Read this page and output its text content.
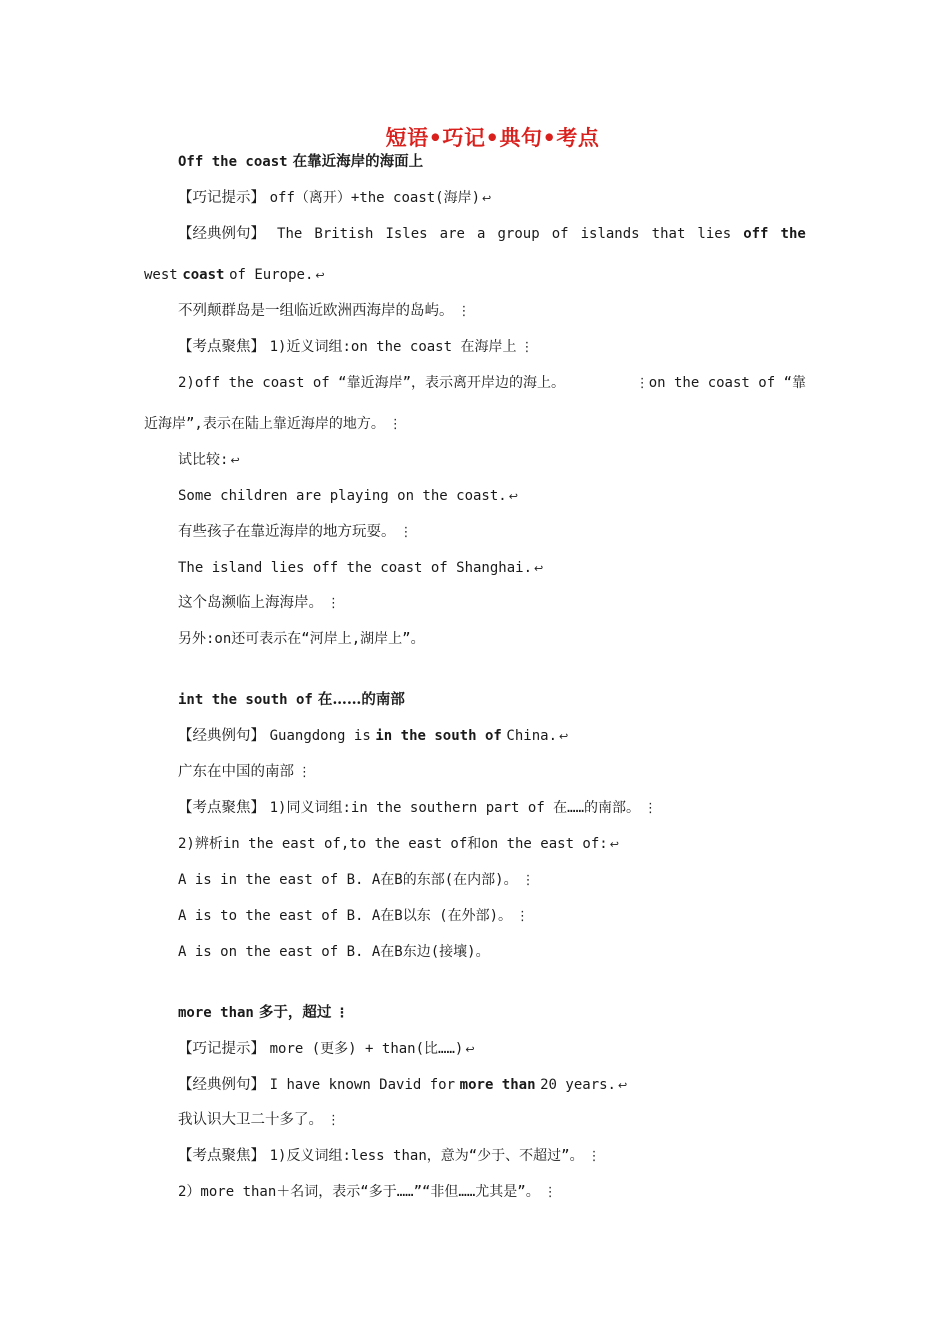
短语•巧记•典句•考点
Off the coast 在靠近海岸的海面上
【巧记提示】 off（离开）+the coast(海岸) ↩
【经典例句】 The British Isles are a group of islands that lies off the
west coast of Europe. ↩
不列颠群岛是一组临近欧洲西海岸的岛屿。 ⋮
【考点聚焦】 1)近义词组:on the coast 在海岸上 ⋮
2)off the coast of “靠近海岸”，表示离开岸边的海上。	⋮on the coast of “靠
近海岸”,表示在陆上靠近海岸的地方。 ⋮
试比较: ↩
Some children are playing on the coast. ↩
有些孩子在靠近海岸的地方玩耍。 ⋮
The island lies off the coast of Shanghai. ↩
这个岛濒临上海海岸。 ⋮
另外:on还可表示在“河岸上,湖岸上”。
int the south of 在……的南部
【经典例句】 Guangdong is in the south of China. ↩
广东在中国的南部 ⋮
【考点聚焦】 1)同义词组:in the southern part of 在……的南部。 ⋮
2)辨析in the east of,to the east of和on the east of: ↩
A is in the east of B. A在B的东部(在内部)。 ⋮
A is to the east of B. A在B以东 (在外部)。 ⋮
A is on the east of B. A在B东边(接壤)。
more than 多于，超过 ⋮
【巧记提示】 more (更多) + than(比……) ↩
【经典例句】 I have known David for more than 20 years. ↩
我认识大卫二十多了。 ⋮
【考点聚焦】 1)反义词组:less than，意为“少于、不超过”。 ⋮
2）more than＋名词，表示“多于……”“非但……尤其是”。 ⋮
